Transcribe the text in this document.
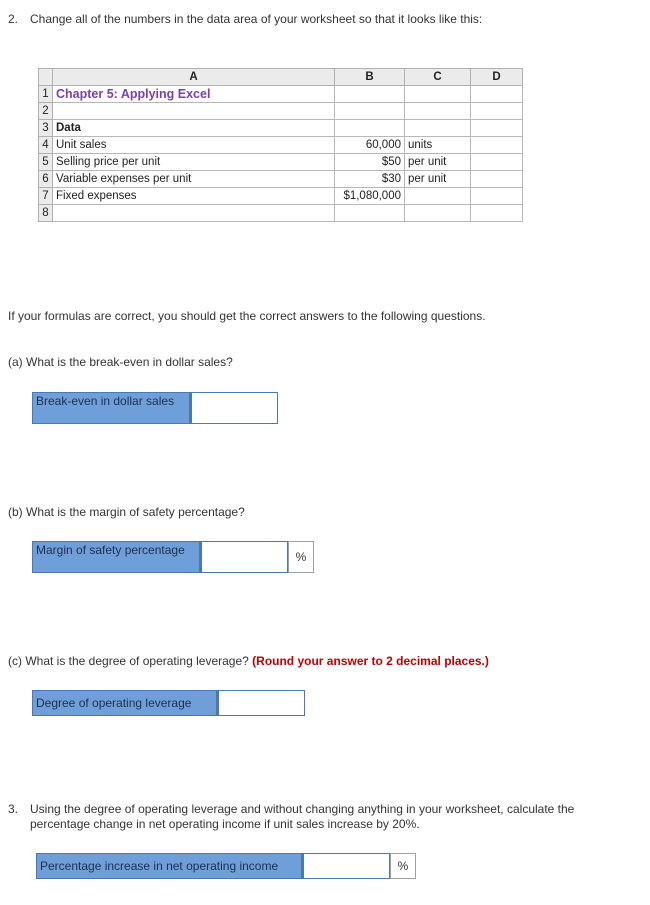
2. Change all of the numbers in the data area of your worksheet so that it looks like this:
	A	B	C	D
1	Chapter 5: Applying Excel			
2				
3	Data			
4	Unit sales	60,000	units	
5	Selling price per unit	$50	per unit	
6	Variable expenses per unit	$30	per unit	
7	Fixed expenses	$1,080,000		
8				
If your formulas are correct, you should get the correct answers to the following questions.
(a) What is the break-even in dollar sales?
Break-even in dollar sales
(b) What is the margin of safety percentage?
Margin of safety percentage	%
(c) What is the degree of operating leverage? (Round your answer to 2 decimal places.)
Degree of operating leverage
3. Using the degree of operating leverage and without changing anything in your worksheet, calculate the percentage change in net operating income if unit sales increase by 20%.
Percentage increase in net operating income	%
